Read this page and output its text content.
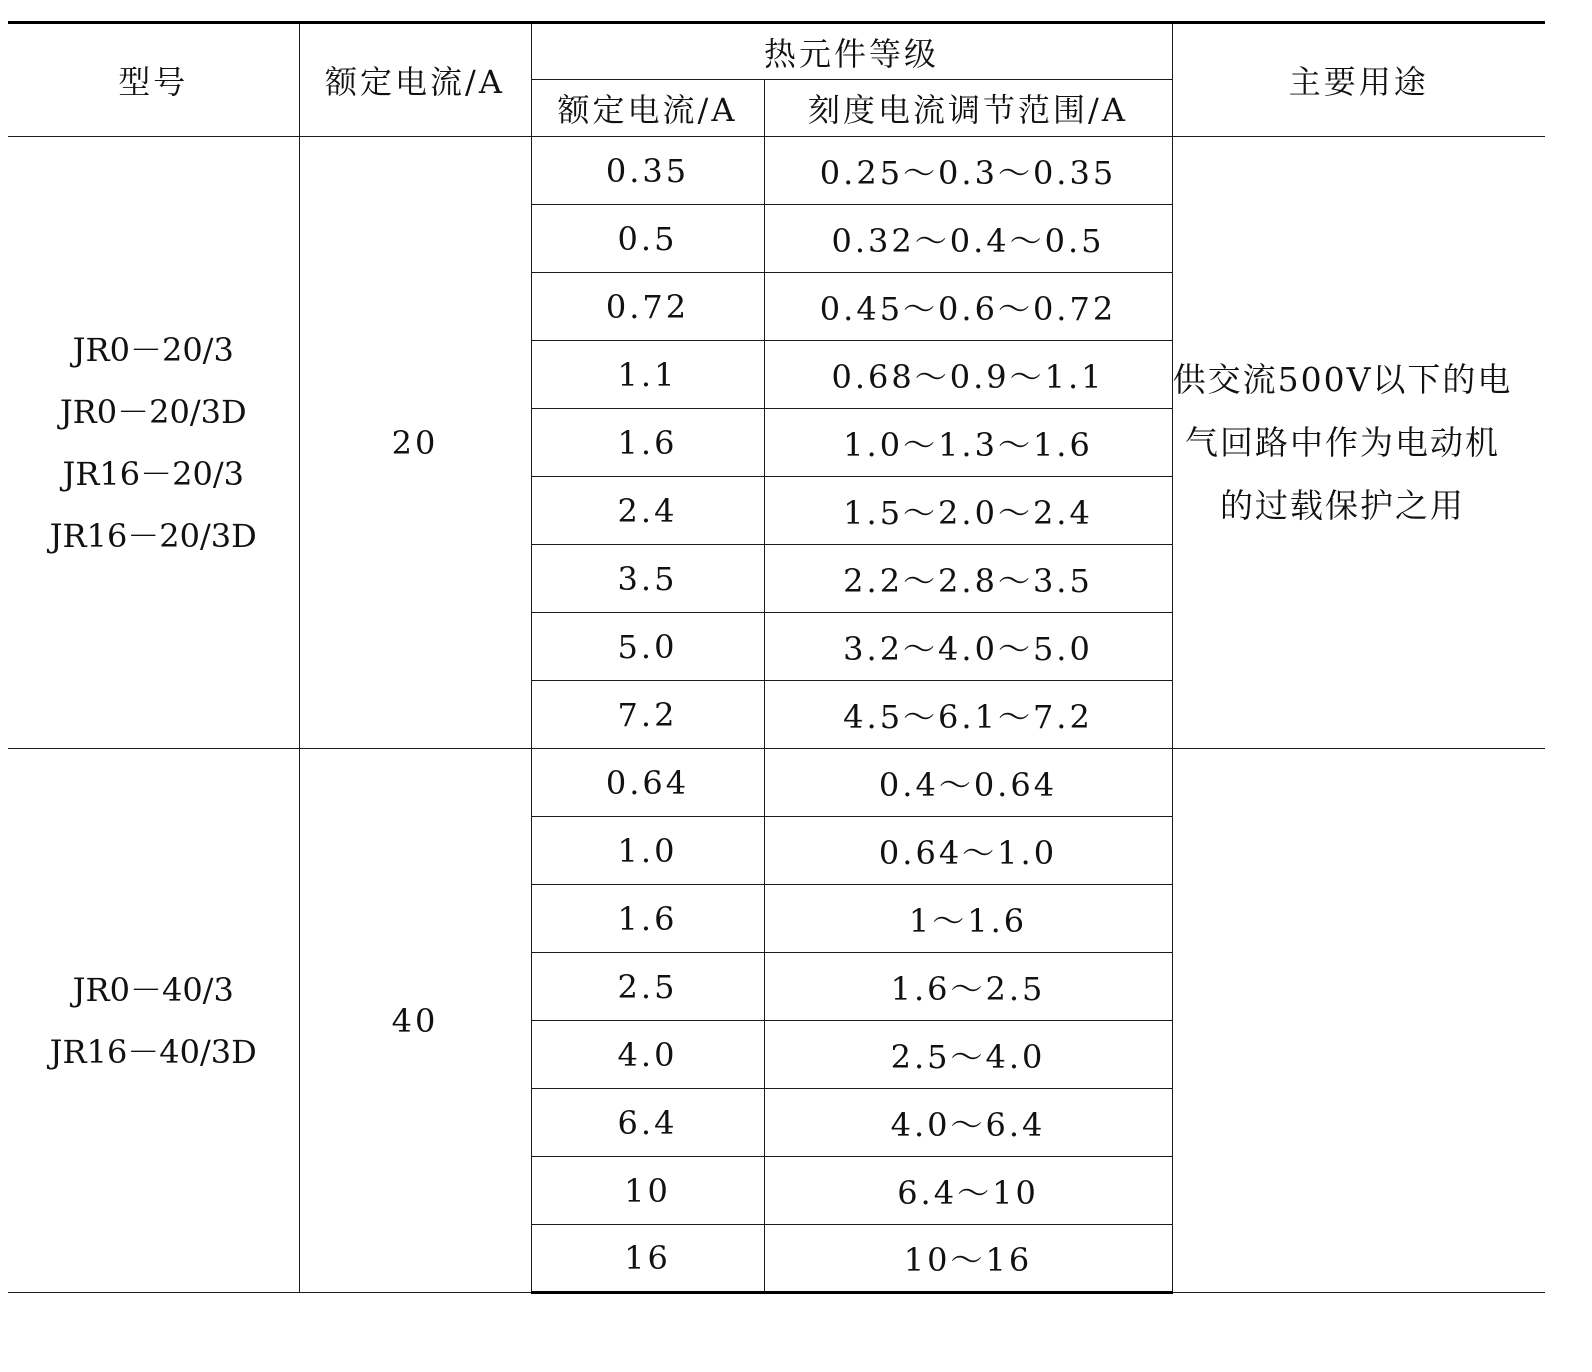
型号	额定电流/A	热元件等级		主要用途
		额定电流/A	刻度电流调节范围/A	

JR0－20/3
JR0－20/3D
JR16－20/3
JR16－20/3D	20	0.35	0.25～0.3～0.35	供交流500V以下的电气回路中作为电动机的过载保护之用

		0.5	0.32～0.4～0.5	
		0.72	0.45～0.6～0.72	
		1.1	0.68～0.9～1.1	
		1.6	1.0～1.3～1.6	
		2.4	1.5～2.0～2.4	
		3.5	2.2～2.8～3.5	
		5.0	3.2～4.0～5.0	
		7.2	4.5～6.1～7.2	

JR0－40/3
JR16－40/3D	40	0.64	0.4～0.64	
		1.0	0.64～1.0	
		1.6	1～1.6	
		2.5	1.6～2.5	
		4.0	2.5～4.0	
		6.4	4.0～6.4	
		10	6.4～10	
		16	10～16	
